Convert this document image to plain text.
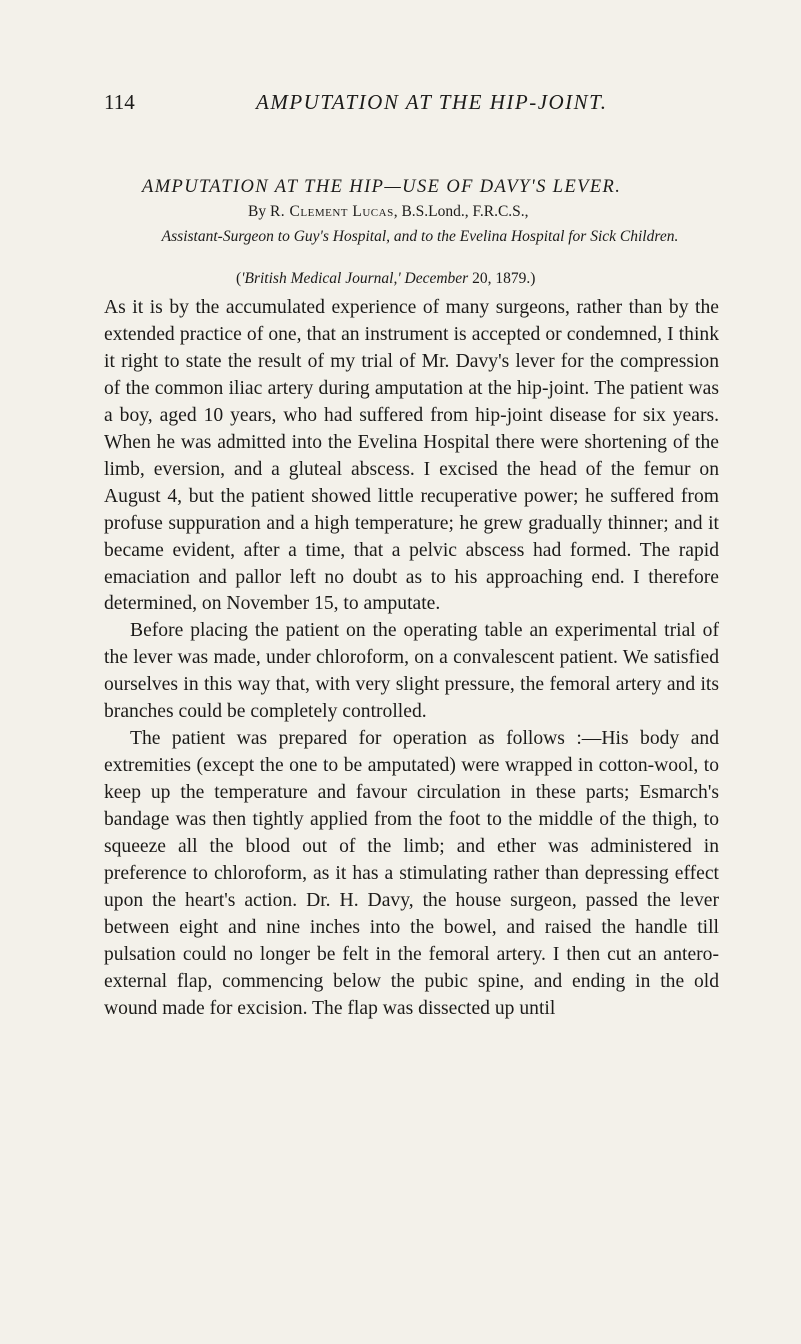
114	AMPUTATION AT THE HIP-JOINT.
AMPUTATION AT THE HIP—USE OF DAVY'S LEVER.
By R. Clement Lucas, B.S.Lond., F.R.C.S.,
Assistant-Surgeon to Guy's Hospital, and to the Evelina Hospital for Sick Children.
('British Medical Journal,' December 20, 1879.)

As it is by the accumulated experience of many surgeons, rather than by the extended practice of one, that an instrument is accepted or condemned, I think it right to state the result of my trial of Mr. Davy's lever for the compression of the common iliac artery during amputation at the hip-joint. The patient was a boy, aged 10 years, who had suffered from hip-joint disease for six years. When he was admitted into the Evelina Hospital there were shortening of the limb, eversion, and a gluteal abscess. I excised the head of the femur on August 4, but the patient showed little recuperative power; he suffered from profuse suppuration and a high temperature; he grew gradually thinner; and it became evident, after a time, that a pelvic abscess had formed. The rapid emaciation and pallor left no doubt as to his approaching end. I therefore determined, on November 15, to amputate.

Before placing the patient on the operating table an experimental trial of the lever was made, under chloroform, on a convalescent patient. We satisfied ourselves in this way that, with very slight pressure, the femoral artery and its branches could be completely controlled.

The patient was prepared for operation as follows :—His body and extremities (except the one to be amputated) were wrapped in cotton-wool, to keep up the temperature and favour circulation in these parts; Esmarch's bandage was then tightly applied from the foot to the middle of the thigh, to squeeze all the blood out of the limb; and ether was administered in preference to chloroform, as it has a stimulating rather than depressing effect upon the heart's action. Dr. H. Davy, the house surgeon, passed the lever between eight and nine inches into the bowel, and raised the handle till pulsation could no longer be felt in the femoral artery. I then cut an antero-external flap, commencing below the pubic spine, and ending in the old wound made for excision. The flap was dissected up until
